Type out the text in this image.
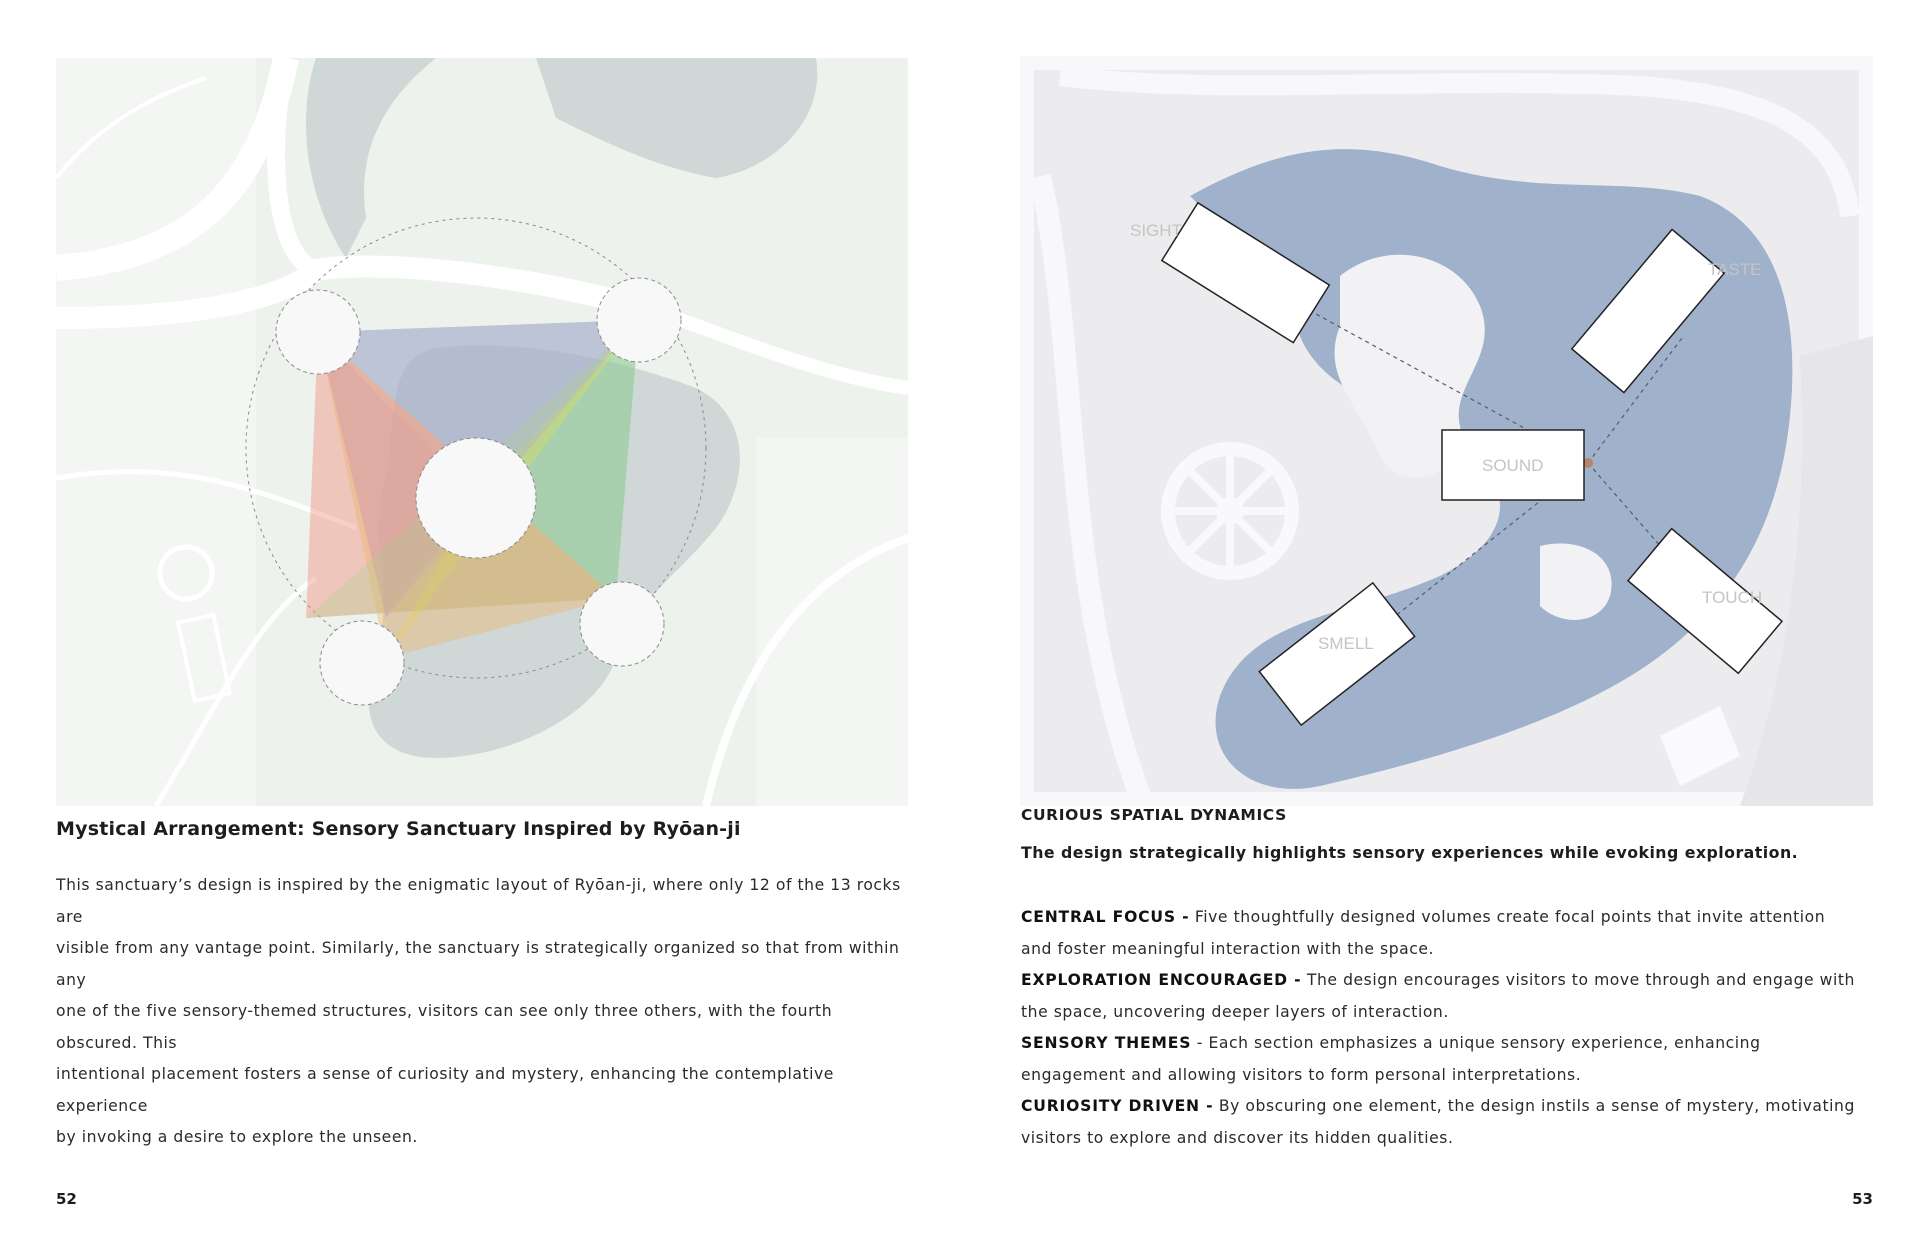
SIGHT
TASTE
SOUND
TOUCH
SMELL
Mystical Arrangement: Sensory Sanctuary Inspired by Ryōan-ji
This sanctuary’s design is inspired by the enigmatic layout of Ryōan-ji, where only 12 of the 13 rocks are
visible from any vantage point. Similarly, the sanctuary is strategically organized so that from within any
one of the five sensory-themed structures, visitors can see only three others, with the fourth obscured. This
intentional placement fosters a sense of curiosity and mystery, enhancing the contemplative experience
by invoking a desire to explore the unseen.
CURIOUS SPATIAL DYNAMICS
The design strategically highlights sensory experiences while evoking exploration.
CENTRAL FOCUS - Five thoughtfully designed volumes create focal points that invite attention
and foster meaningful interaction with the space.
EXPLORATION ENCOURAGED - The design encourages visitors to move through and engage with
the space, uncovering deeper layers of interaction.
SENSORY THEMES - Each section emphasizes a unique sensory experience, enhancing
engagement and allowing visitors to form personal interpretations.
CURIOSITY DRIVEN - By obscuring one element, the design instils a sense of mystery, motivating
visitors to explore and discover its hidden qualities.
52	53
